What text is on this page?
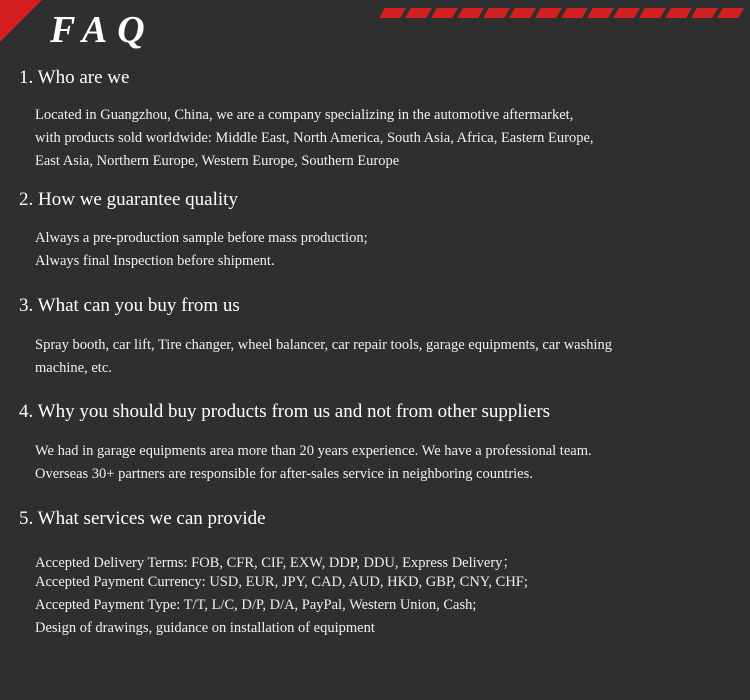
FAQ
1. Who are we
Located in Guangzhou, China, we are a company specializing in the automotive aftermarket,
with products sold worldwide: Middle East, North America, South Asia, Africa, Eastern Europe,
East Asia, Northern Europe, Western Europe, Southern Europe
2. How we guarantee quality
Always a pre-production sample before mass production;
Always final Inspection before shipment.
3. What can you buy from us
Spray booth, car lift, Tire changer, wheel balancer, car repair tools, garage equipments, car washing
machine, etc.
4. Why you should buy products from us and not from other suppliers
We had in garage equipments area more than 20 years experience. We have a professional team.
Overseas 30+ partners are responsible for after-sales service in neighboring countries.
5. What services we can provide
Accepted Delivery Terms: FOB, CFR, CIF, EXW, DDP, DDU, Express Delivery；
Accepted Payment Currency: USD, EUR, JPY, CAD, AUD, HKD, GBP, CNY, CHF;
Accepted Payment Type: T/T, L/C, D/P, D/A, PayPal, Western Union, Cash;
Design of drawings, guidance on installation of equipment
